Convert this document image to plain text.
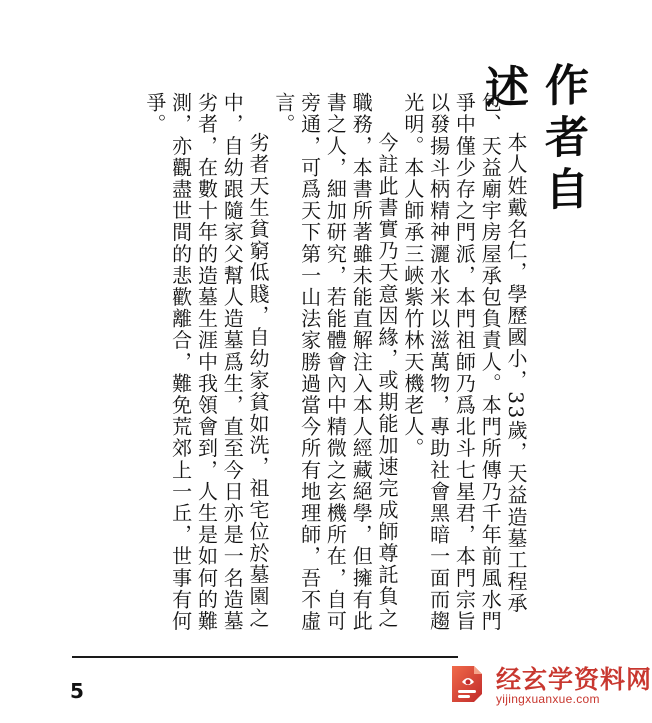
作者自述

本人姓戴名仁，學歷國小，33歲，天益造墓工程承包、天益廟宇房屋承包負責人。本門所傳乃千年前風水門爭中僅少存之門派，本門祖師乃爲北斗七星君，本門宗旨以發揚斗柄精神灑水米以滋萬物，專助社會黑暗一面而趨光明。本人師承三峽紫竹林天機老人。

今註此書實乃天意因緣，或期能加速完成師尊託負之職務，本書所著雖未能直解注入本人經藏絕學，但擁有此書之人，細加研究，若能體會內中精微之玄機所在，自可旁通，可爲天下第一山法家勝過當今所有地理師，吾不虛言。

劣者天生貧窮低賤，自幼家貧如洗，祖宅位於墓園之中，自幼跟隨家父幫人造墓爲生，直至今日亦是一名造墓劣者，在數十年的造墓生涯中我領會到，人生是如何的難測，亦觀盡世間的悲歡離合，難免荒郊上一丘，世事有何爭。

5	经玄学资料网
yijingxuanxue.com
